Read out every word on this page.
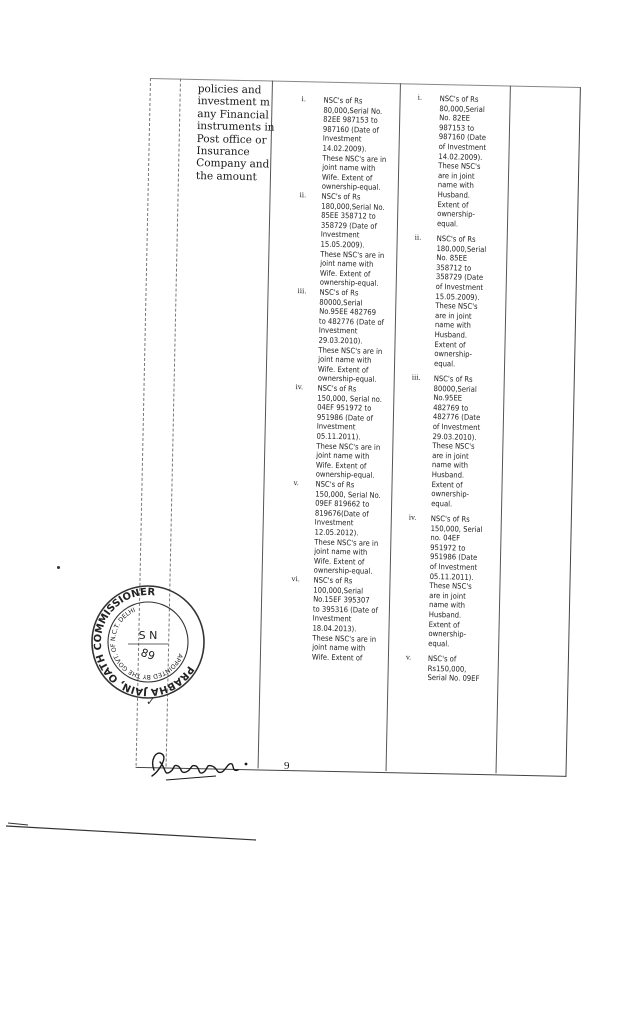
policies and
investment m
any Financial
instruments in
Post office or
Insurance
Company and
the amount
i. NSC's of Rs
80,000,Serial No.
82EE 987153 to
987160 (Date of
Investment
14.02.2009).
These NSC's are in
joint name with
Wife. Extent of
ownership-equal.
ii. NSC's of Rs
180,000,Serial No.
85EE 358712 to
358729 (Date of
Investment
15.05.2009).
These NSC's are in
joint name with
Wife. Extent of
ownership-equal.
iii. NSC's of Rs
80000,Serial
No.95EE 482769
to 482776 (Date of
Investment
29.03.2010).
These NSC's are in
joint name with
Wife. Extent of
ownership-equal.
iv. NSC's of Rs
150,000, Serial no.
04EF 951972 to
951986 (Date of
Investment
05.11.2011).
These NSC's are in
joint name with
Wife. Extent of
ownership-equal.
v. NSC's of Rs
150,000, Serial No.
09EF 819662 to
819676(Date of
Investment
12.05.2012).
These NSC's are in
joint name with
Wife. Extent of
ownership-equal.
vi. NSC's of Rs
100,000,Serial
No.15EF 395307
to 395316 (Date of
Investment
18.04.2013).
These NSC's are in
joint name with
Wife. Extent of
i. NSC's of Rs
80,000,Serial
No. 82EE
987153 to
987160 (Date
of Investment
14.02.2009).
These NSC's
are in joint
name with
Husband.
Extent of
ownership-
equal.
ii. NSC's of Rs
180,000,Serial
No. 85EE
358712 to
358729 (Date
of Investment
15.05.2009).
These NSC's
are in joint
name with
Husband.
Extent of
ownership-
equal.
iii. NSC's of Rs
80000,Serial
No.95EE
482769 to
482776 (Date
of Investment
29.03.2010).
These NSC's
are in joint
name with
Husband.
Extent of
ownership-
equal.
iv. NSC's of Rs
150,000, Serial
no. 04EF
951972 to
951986 (Date
of Investment
05.11.2011).
These NSC's
are in joint
name with
Husband.
Extent of
ownership-
equal.
v. NSC's of
Rs150,000,
Serial No. 09EF
PRABHA JAIN, OATH COMMISSIONER
APPOINTED BY THE GOVT. OF N.C.T. DELHI
S N
89
✓
9
